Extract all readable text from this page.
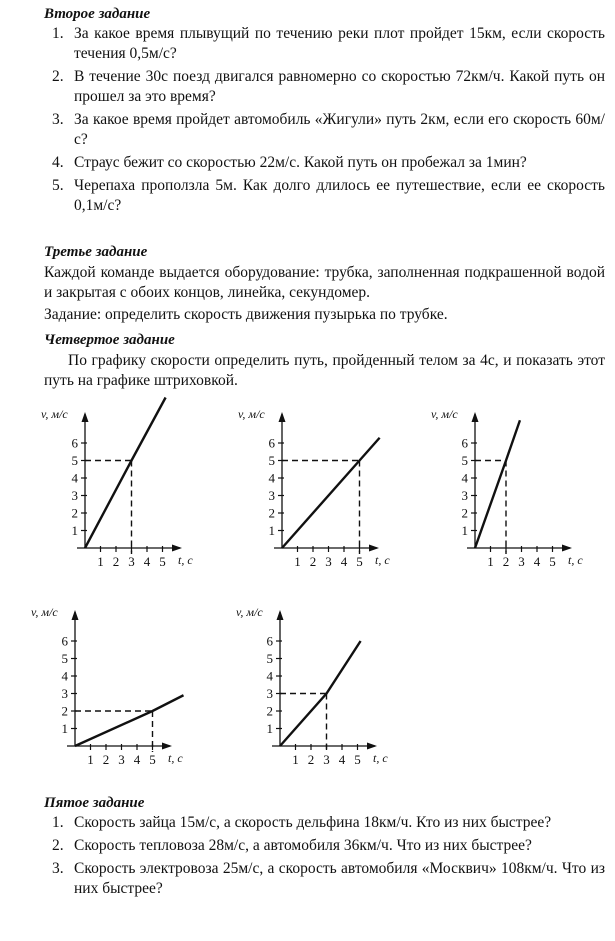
Второе задание
1. За какое время плывущий по течению реки плот пройдет 15км, если скорость течения 0,5м/с?
2. В течение 30с поезд двигался равномерно со скоростью 72км/ч. Какой путь он прошел за это время?
3. За какое время пройдет автомобиль «Жигули» путь 2км, если его скорость 60м/с?
4. Страус бежит со скоростью 22м/с. Какой путь он пробежал за 1мин?
5. Черепаха проползла 5м. Как долго длилось ее путешествие, если ее скорость 0,1м/с?
Третье задание
Каждой команде выдается оборудование: трубка, заполненная подкрашенной водой и закрытая с обоих концов, линейка, секундомер.
Задание: определить скорость движения пузырька по трубке.
Четвертое задание
По графику скорости определить путь, пройденный телом за 4с, и показать этот путь на графике штриховкой.
1
2
3
4
5
6
1 2 3 4 5
v, м/с
t, с
1
2
3
4
5
6
1 2 3 4 5
v, м/с
t, с
1
2
3
4
5
6
1 2 3 4 5
v, м/с
t, с
1
2
3
4
5
6
1 2 3 4 5
v, м/с
t, с
1
2
3
4
5
6
1 2 3 4 5
v, м/с
t, с
Пятое задание
1. Скорость зайца 15м/с, а скорость дельфина 18км/ч. Кто из них быстрее?
2. Скорость тепловоза 28м/с, а автомобиля 36км/ч. Что из них быстрее?
3. Скорость электровоза 25м/с, а скорость автомобиля «Москвич» 108км/ч. Что из них быстрее?
